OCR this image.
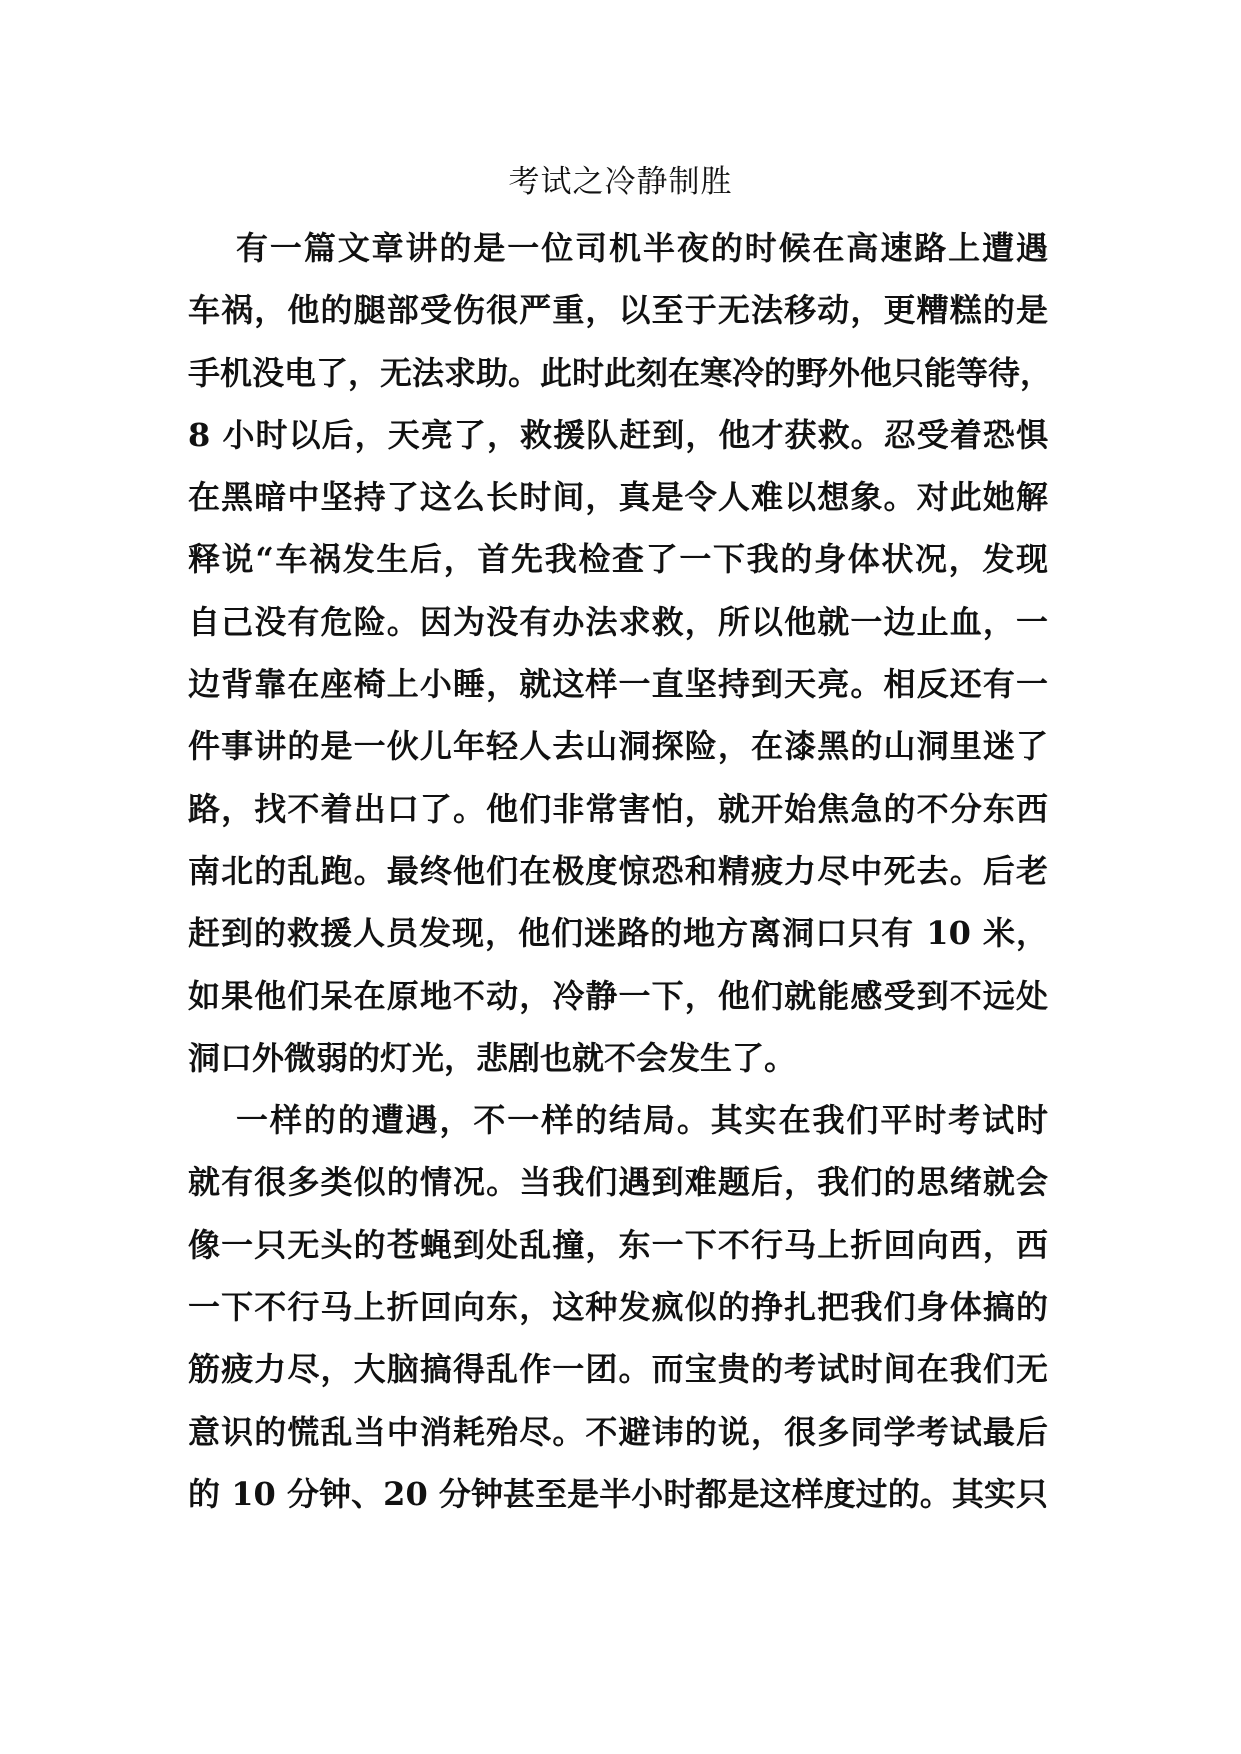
考试之冷静制胜
有一篇文章讲的是一位司机半夜的时候在高速路上遭遇
车祸，他的腿部受伤很严重，以至于无法移动，更糟糕的是
手机没电了，无法求助。此时此刻在寒冷的野外他只能等待，
8 小时以后，天亮了，救援队赶到，他才获救。忍受着恐惧
在黑暗中坚持了这么长时间，真是令人难以想象。对此她解
释说“车祸发生后，首先我检查了一下我的身体状况，发现
自己没有危险。因为没有办法求救，所以他就一边止血，一
边背靠在座椅上小睡，就这样一直坚持到天亮。相反还有一
件事讲的是一伙儿年轻人去山洞探险，在漆黑的山洞里迷了
路，找不着出口了。他们非常害怕，就开始焦急的不分东西
南北的乱跑。最终他们在极度惊恐和精疲力尽中死去。后老
赶到的救援人员发现，他们迷路的地方离洞口只有 10 米，
如果他们呆在原地不动，冷静一下，他们就能感受到不远处
洞口外微弱的灯光，悲剧也就不会发生了。
一样的的遭遇，不一样的结局。其实在我们平时考试时
就有很多类似的情况。当我们遇到难题后，我们的思绪就会
像一只无头的苍蝇到处乱撞，东一下不行马上折回向西，西
一下不行马上折回向东，这种发疯似的挣扎把我们身体搞的
筋疲力尽，大脑搞得乱作一团。而宝贵的考试时间在我们无
意识的慌乱当中消耗殆尽。不避讳的说，很多同学考试最后
的 10 分钟、20 分钟甚至是半小时都是这样度过的。其实只
